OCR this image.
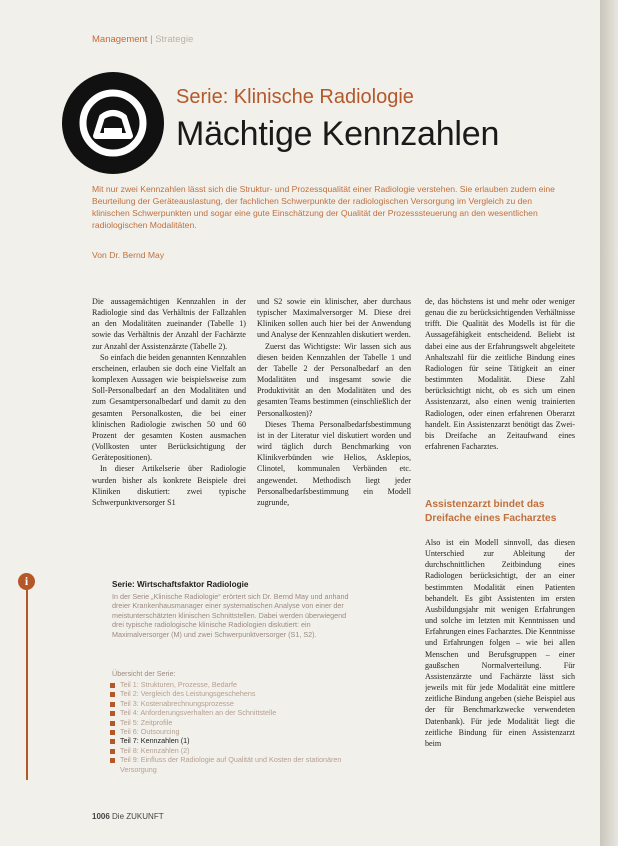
Management | Strategie
Serie: Klinische Radiologie
Mächtige Kennzahlen
Mit nur zwei Kennzahlen lässt sich die Struktur- und Prozessqualität einer Radiologie verstehen. Sie erlauben zudem eine Beurteilung der Geräteauslastung, der fachlichen Schwerpunkte der radiologischen Versorgung im Vergleich zu den klinischen Schwerpunkten und sogar eine gute Einschätzung der Qualität der Prozesssteuerung an den wesentlichen radiologischen Modalitäten.
Von Dr. Bernd May

Die aussagemächtigen Kennzahlen in der Radiologie sind das Verhältnis der Fallzahlen an den Modalitäten zueinander (Tabelle 1) sowie das Verhältnis der Anzahl der Fachärzte zur Anzahl der Assistenzärzte (Tabelle 2).

So einfach die beiden genannten Kennzahlen erscheinen, erlauben sie doch eine Vielfalt an komplexen Aussagen wie beispielsweise zum Soll-Personalbedarf an den Modalitäten und zum Gesamtpersonalbedarf und damit zu den gesamten Personalkosten, die bei einer klinischen Radiologie zwischen 50 und 60 Prozent der gesamten Kosten ausmachen (Vollkosten unter Berücksichtigung der Gerätepositionen).

In dieser Artikelserie über Radiologie wurden bisher als konkrete Beispiele drei Kliniken diskutiert: zwei typische Schwerpunktversorger S1

und S2 sowie ein klinischer, aber durchaus typischer Maximalversorger M. Diese drei Kliniken sollen auch hier bei der Anwendung und Analyse der Kennzahlen diskutiert werden.

Zuerst das Wichtigste: Wir lassen sich aus diesen beiden Kennzahlen der Tabelle 1 und der Tabelle 2 der Personalbedarf an den Modalitäten und insgesamt sowie die Produktivität an den Modalitäten und des gesamten Teams bestimmen (einschließlich der Personalkosten)?

Dieses Thema Personalbedarfsbestimmung ist in der Literatur viel diskutiert worden und wird täglich durch Benchmarking von Klinikverbünden wie Helios, Asklepios, Clinotel, kommunalen Verbänden etc. angewendet. Methodisch liegt jeder Personalbedarfsbestimmung ein Modell zugrunde,

de, das höchstens ist und mehr oder weniger genau die zu berücksichtigenden Verhältnisse trifft. Die Qualität des Modells ist für die Aussagefähigkeit entscheidend. Beliebt ist dabei eine aus der Erfahrungswelt abgeleitete Anhaltszahl für die zeitliche Bindung eines Radiologen für seine Tätigkeit an einer bestimmten Modalität. Diese Zahl berücksichtigt nicht, ob es sich um einen Assistenzarzt, also einen wenig trainierten Radiologen, oder einen erfahrenen Oberarzt handelt. Ein Assistenzarzt benötigt das Zwei- bis Dreifache an Zeitaufwand eines erfahrenen Facharztes.

Assistenzarzt bindet das Dreifache eines Facharztes

Also ist ein Modell sinnvoll, das diesen Unterschied zur Ableitung der durchschnittlichen Zeitbindung eines Radiologen berücksichtigt, der an einer bestimmten Modalität einen Patienten behandelt. Es gibt Assistenten im ersten Ausbildungsjahr mit wenigen Erfahrungen und solche im letzten mit Kenntnissen und Erfahrungen eines Facharztes. Die Kenntnisse und Erfahrungen folgen – wie bei allen Menschen und Berufsgruppen – einer gaußschen Normalverteilung. Für Assistenzärzte und Fachärzte lässt sich jeweils mit für jede Modalität eine mittlere zeitliche Bindung angeben (siehe Beispiel aus der für Benchmarkzwecke verwendeten Datenbank). Für jede Modalität liegt die zeitliche Bindung für einen Assistenzarzt beim

i	Serie: Wirtschaftsfaktor Radiologie
In der Serie „Klinische Radiologie“ erörtert sich Dr. Bernd May und anhand dreier Krankenhausmanager einer systematischen Analyse von einer der meistunterschätzten klinischen Schnittstellen. Dabei werden überwiegend drei typische radiologische klinische Radiologien diskutiert: ein Maximalversorger (M) und zwei Schwerpunktversorger (S1, S2).
Übersicht der Serie:
Teil 1: Strukturen, Prozesse, Bedarfe
Teil 2: Vergleich des Leistungsgeschehens
Teil 3: Kostenabrechnungsprozesse
Teil 4: Anforderungsverhalten an der Schnittstelle
Teil 5: Zeitprofile
Teil 6: Outsourcing
Teil 7: Kennzahlen (1)
Teil 8: Kennzahlen (2)
Teil 9: Einfluss der Radiologie auf Qualität und Kosten der stationären Versorgung
1006 Die ZUKUNFT
